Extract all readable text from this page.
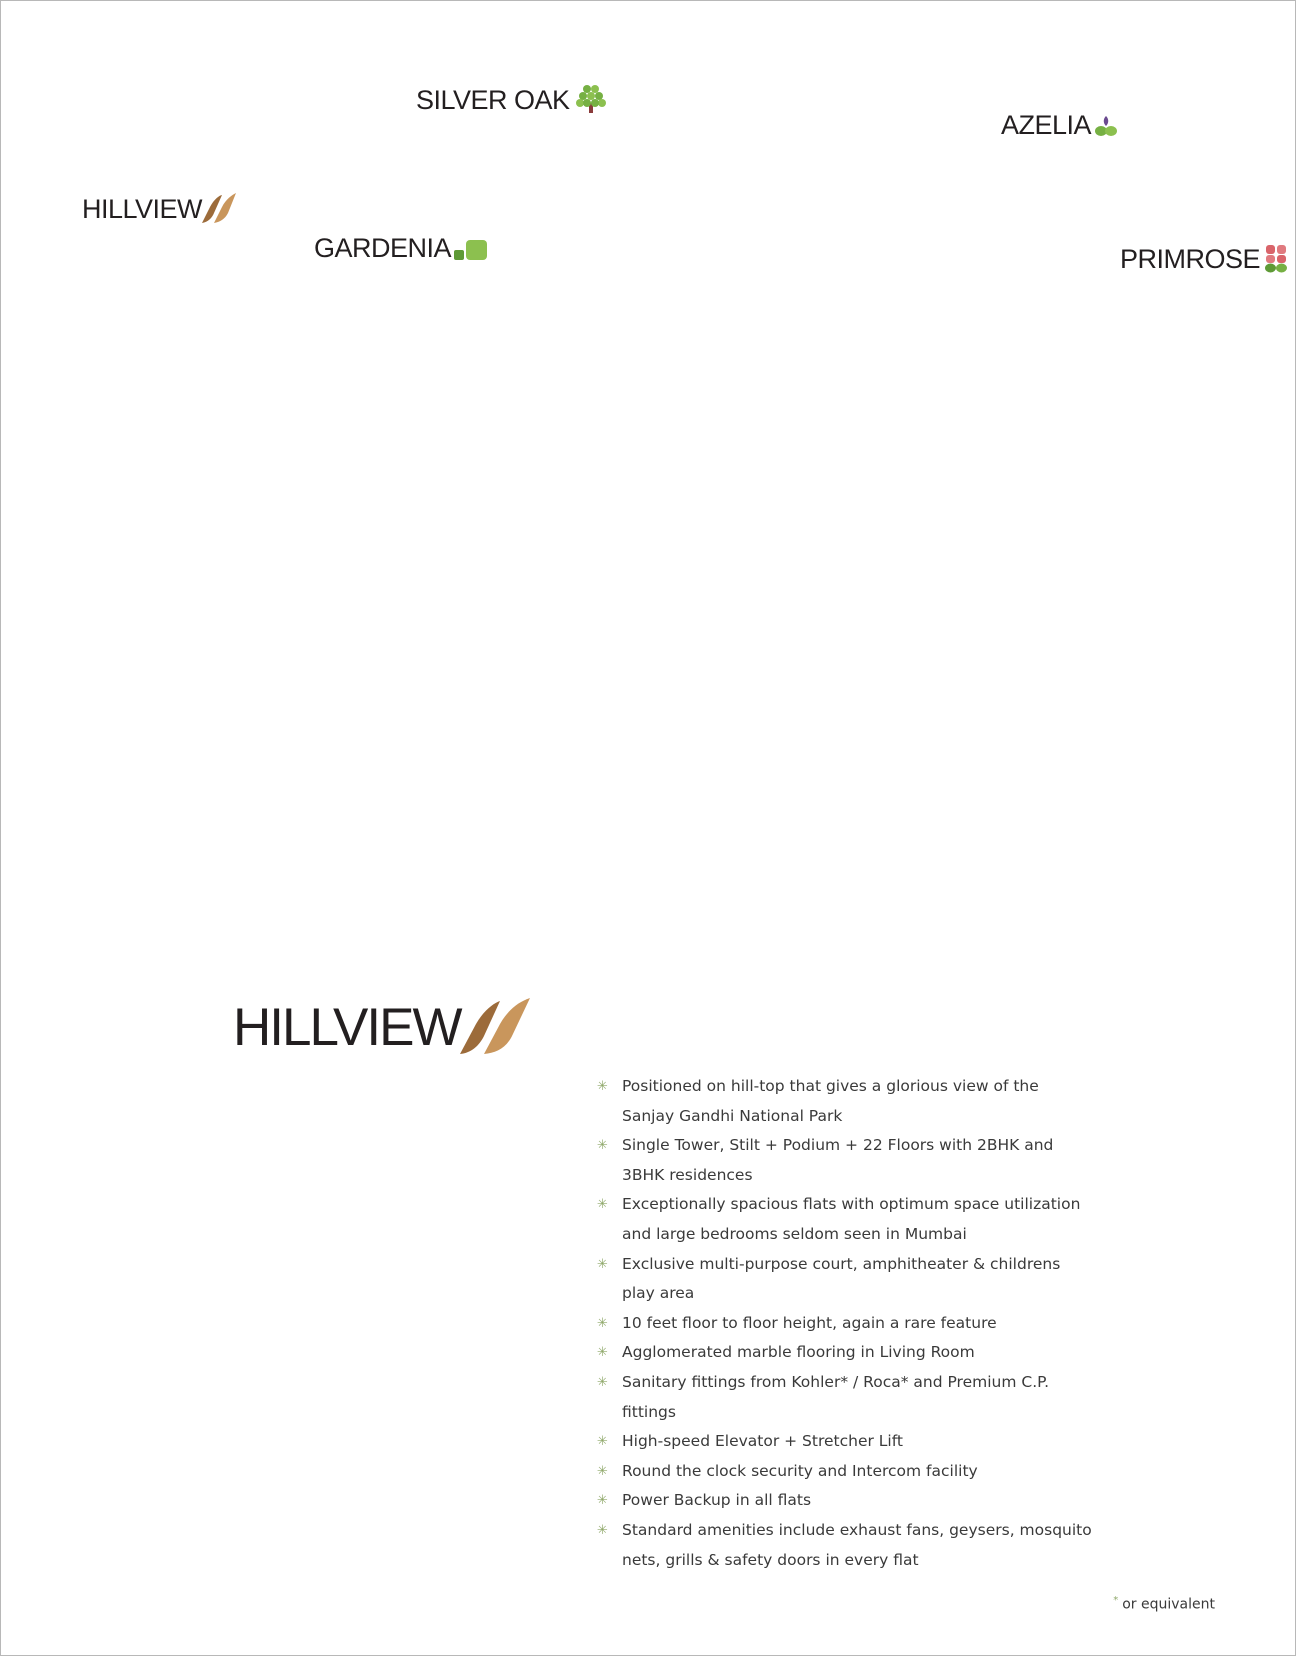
SILVER OAK
AZELIA
HILLVIEW
GARDENIA	PRIMROSE
HILLVIEW
✳ Positioned on hill-top that gives a glorious view of the Sanjay Gandhi National Park
✳ Single Tower, Stilt + Podium + 22 Floors with 2BHK and 3BHK residences
✳ Exceptionally spacious flats with optimum space utilization and large bedrooms seldom seen in Mumbai
✳ Exclusive multi-purpose court, amphitheater & childrens play area
✳ 10 feet floor to floor height, again a rare feature
✳ Agglomerated marble flooring in Living Room
✳ Sanitary fittings from Kohler* / Roca* and Premium C.P. fittings
✳ High-speed Elevator + Stretcher Lift
✳ Round the clock security and Intercom facility
✳ Power Backup in all flats
✳ Standard amenities include exhaust fans, geysers, mosquito nets, grills & safety doors in every flat
* or equivalent
